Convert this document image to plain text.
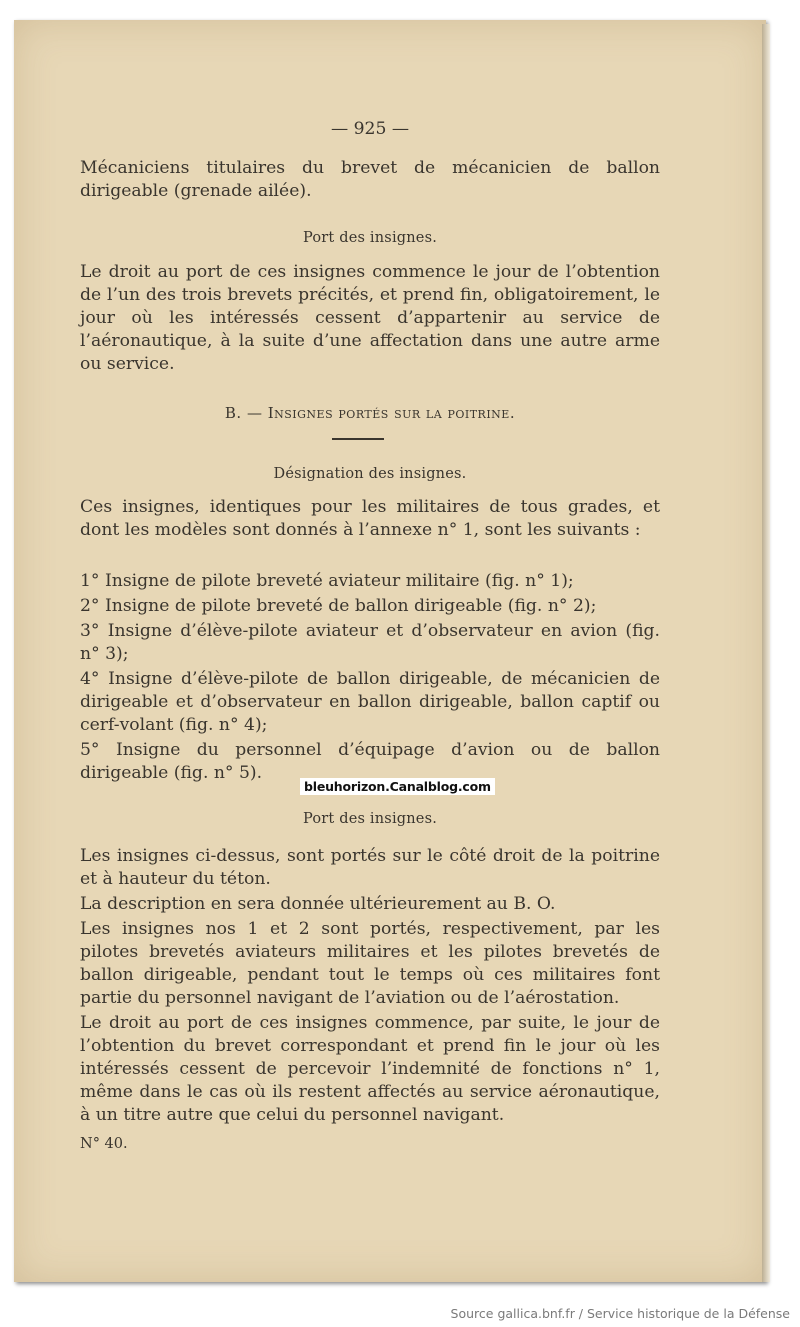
— 925 —

Mécaniciens titulaires du brevet de mécanicien de ballon dirigeable (grenade ailée).

Port des insignes.

Le droit au port de ces insignes commence le jour de l’obtention de l’un des trois brevets précités, et prend fin, obligatoirement, le jour où les intéressés cessent d’appartenir au service de l’aéronautique, à la suite d’une affectation dans une autre arme ou service.

B. — Insignes portés sur la poitrine.
Désignation des insignes.

Ces insignes, identiques pour les militaires de tous grades, et dont les modèles sont donnés à l’annexe n° 1, sont les suivants :

1° Insigne de pilote breveté aviateur militaire (fig. n° 1);

2° Insigne de pilote breveté de ballon dirigeable (fig. n° 2);

3° Insigne d’élève-pilote aviateur et d’observateur en avion (fig. n° 3);

4° Insigne d’élève-pilote de ballon dirigeable, de mécanicien de dirigeable et d’observateur en ballon dirigeable, ballon captif ou cerf-volant (fig. n° 4);

5° Insigne du personnel d’équipage d’avion ou de ballon dirigeable (fig. n° 5).

bleuhorizon.Canalblog.com
Port des insignes.

Les insignes ci-dessus, sont portés sur le côté droit de la poitrine et à hauteur du téton.

La description en sera donnée ultérieurement au B. O.

Les insignes nos 1 et 2 sont portés, respectivement, par les pilotes brevetés aviateurs militaires et les pilotes brevetés de ballon dirigeable, pendant tout le temps où ces militaires font partie du personnel navigant de l’aviation ou de l’aérostation.

Le droit au port de ces insignes commence, par suite, le jour de l’obtention du brevet correspondant et prend fin le jour où les intéressés cessent de percevoir l’indemnité de fonctions n° 1, même dans le cas où ils restent affectés au service aéronautique, à un titre autre que celui du personnel navigant.

N° 40.
Source gallica.bnf.fr / Service historique de la Défense
